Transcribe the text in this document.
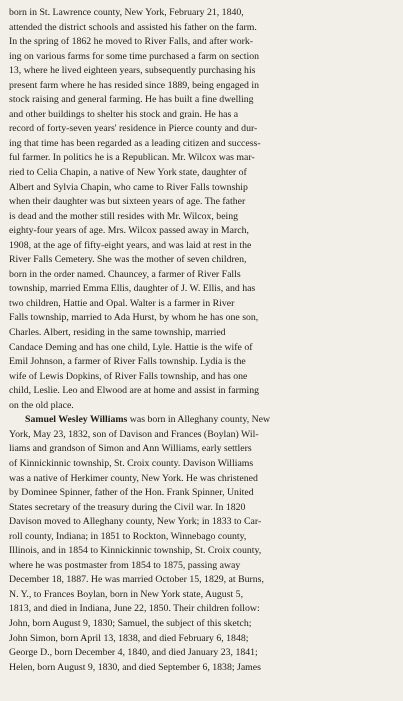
born in St. Lawrence county, New York, February 21, 1840,
attended the district schools and assisted his father on the farm.
In the spring of 1862 he moved to River Falls, and after work-
ing on various farms for some time purchased a farm on section
13, where he lived eighteen years, subsequently purchasing his
present farm where he has resided since 1889, being engaged in
stock raising and general farming. He has built a fine dwelling
and other buildings to shelter his stock and grain. He has a
record of forty-seven years' residence in Pierce county and dur-
ing that time has been regarded as a leading citizen and success-
ful farmer. In politics he is a Republican. Mr. Wilcox was mar-
ried to Celia Chapin, a native of New York state, daughter of
Albert and Sylvia Chapin, who came to River Falls township
when their daughter was but sixteen years of age. The father
is dead and the mother still resides with Mr. Wilcox, being
eighty-four years of age. Mrs. Wilcox passed away in March,
1908, at the age of fifty-eight years, and was laid at rest in the
River Falls Cemetery. She was the mother of seven children,
born in the order named. Chauncey, a farmer of River Falls
township, married Emma Ellis, daughter of J. W. Ellis, and has
two children, Hattie and Opal. Walter is a farmer in River
Falls township, married to Ada Hurst, by whom he has one son,
Charles. Albert, residing in the same township, married
Candace Deming and has one child, Lyle. Hattie is the wife of
Emil Johnson, a farmer of River Falls township. Lydia is the
wife of Lewis Dopkins, of River Falls township, and has one
child, Leslie. Leo and Elwood are at home and assist in farming
on the old place.

Samuel Wesley Williams was born in Alleghany county, New
York, May 23, 1832, son of Davison and Frances (Boylan) Wil-
liams and grandson of Simon and Ann Williams, early settlers
of Kinnickinnic township, St. Croix county. Davison Williams
was a native of Herkimer county, New York. He was christened
by Dominee Spinner, father of the Hon. Frank Spinner, United
States secretary of the treasury during the Civil war. In 1820
Davison moved to Alleghany county, New York; in 1833 to Car-
roll county, Indiana; in 1851 to Rockton, Winnebago county,
Illinois, and in 1854 to Kinnickinnic township, St. Croix county,
where he was postmaster from 1854 to 1875, passing away
December 18, 1887. He was married October 15, 1829, at Burns,
N. Y., to Frances Boylan, born in New York state, August 5,
1813, and died in Indiana, June 22, 1850. Their children follow:
John, born August 9, 1830; Samuel, the subject of this sketch;
John Simon, born April 13, 1838, and died February 6, 1848;
George D., born December 4, 1840, and died January 23, 1841;
Helen, born August 9, 1830, and died September 6, 1838; James
